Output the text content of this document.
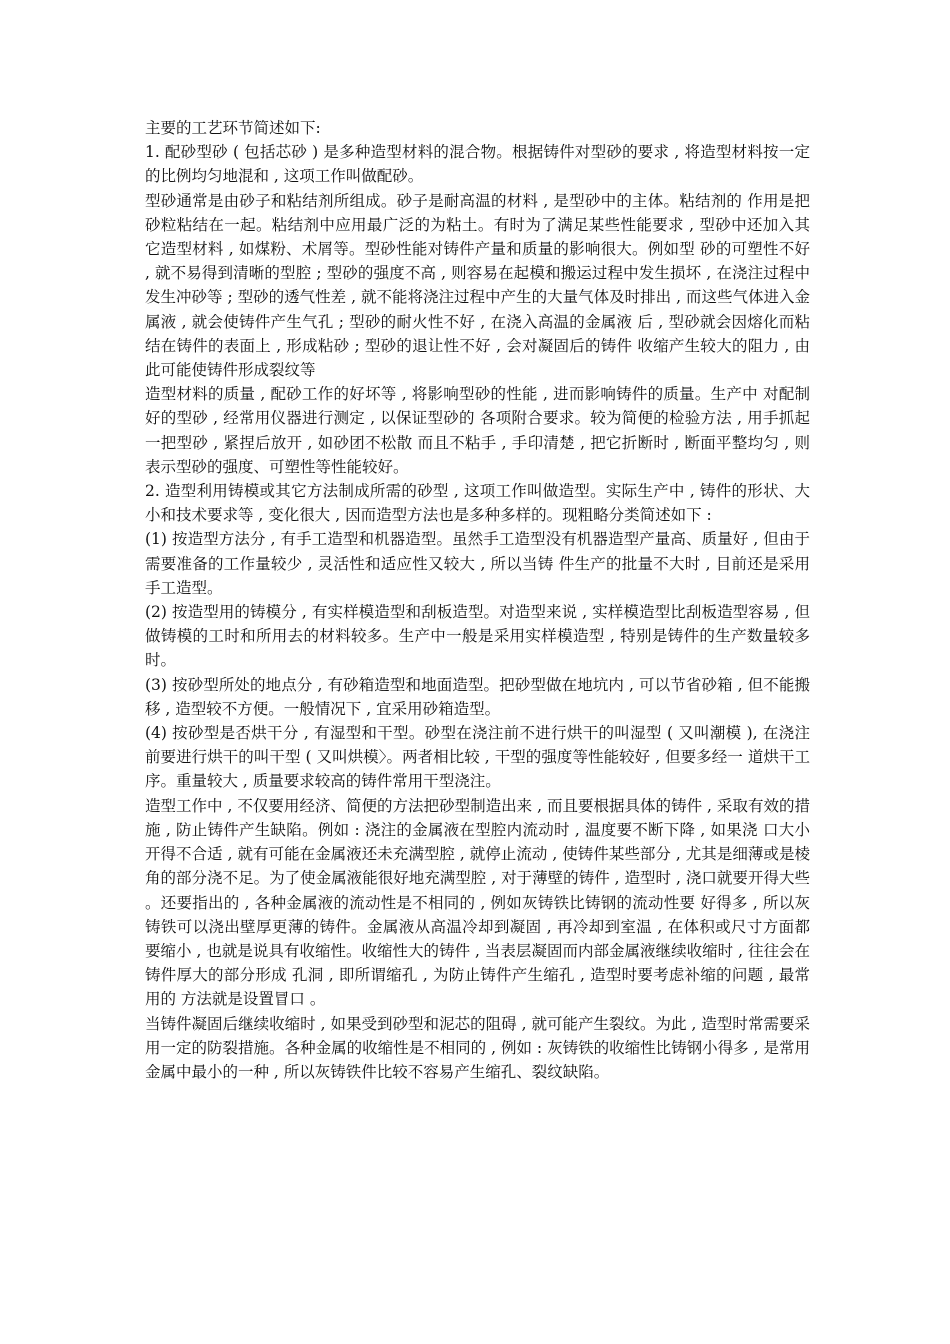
主要的工艺环节简述如下:

1. 配砂型砂 ( 包括芯砂 ) 是多种造型材料的混合物。根据铸件对型砂的要求 , 将造型材料按一定的比例均匀地混和 , 这项工作叫做配砂。

型砂通常是由砂子和粘结剂所组成。砂子是耐高温的材料 , 是型砂中的主体。粘结剂的 作用是把砂粒粘结在一起。粘结剂中应用最广泛的为粘土。有时为了满足某些性能要求 , 型砂中还加入其它造型材料 , 如煤粉、术屑等。型砂性能对铸件产量和质量的影响很大。例如型 砂的可塑性不好 , 就不易得到清晰的型腔 ; 型砂的强度不高 , 则容易在起模和搬运过程中发生损坏 , 在浇注过程中发生冲砂等 ; 型砂的透气性差 , 就不能将浇注过程中产生的大量气体及时排出 , 而这些气体进入金属液 , 就会使铸件产生气孔 ; 型砂的耐火性不好 , 在浇入高温的金属液 后 , 型砂就会因熔化而粘结在铸件的表面上 , 形成粘砂 ; 型砂的退让性不好 , 会对凝固后的铸件 收缩产生较大的阻力 , 由此可能使铸件形成裂纹等

造型材料的质量 , 配砂工作的好坏等 , 将影响型砂的性能 , 进而影响铸件的质量。生产中 对配制好的型砂 , 经常用仪器进行测定 , 以保证型砂的 各项附合要求。较为简便的检验方法 , 用手抓起一把型砂 , 紧捏后放开 , 如砂团不松散 而且不粘手 , 手印清楚 , 把它折断时 , 断面平整均匀 , 则 表示型砂的强度、可塑性等性能较好。

2. 造型利用铸模或其它方法制成所需的砂型 , 这项工作叫做造型。实际生产中 , 铸件的形状、大小和技术要求等 , 变化很大 , 因而造型方法也是多种多样的。现粗略分类简述如下 :

(1) 按造型方法分 , 有手工造型和机器造型。虽然手工造型没有机器造型产量高、质量好 , 但由于需要准备的工作量较少 , 灵活性和适应性又较大 , 所以当铸 件生产的批量不大时 , 目前还是采用手工造型。

(2) 按造型用的铸模分 , 有实样模造型和刮板造型。对造型来说 , 实样模造型比刮板造型容易 , 但做铸模的工时和所用去的材料较多。生产中一般是采用实样模造型 , 特别是铸件的生产数量较多时。

(3) 按砂型所处的地点分 , 有砂箱造型和地面造型。把砂型做在地坑内 , 可以节省砂箱 , 但不能搬移 , 造型较不方便。一般情况下 , 宜采用砂箱造型。

(4) 按砂型是否烘干分 , 有湿型和干型。砂型在浇注前不进行烘干的叫湿型 ( 又叫潮模 ), 在浇注前要进行烘干的叫干型 ( 又叫烘模〉。两者相比较 , 干型的强度等性能较好 , 但要多经一 道烘干工序。重量较大 , 质量要求较高的铸件常用干型浇注。

造型工作中 , 不仅要用经济、简便的方法把砂型制造出来 , 而且要根据具体的铸件 , 采取有效的措施 , 防止铸件产生缺陷。例如 : 浇注的金属液在型腔内流动时 , 温度要不断下降 , 如果浇 口大小开得不合适 , 就有可能在金属液还未充满型腔 , 就停止流动 , 使铸件某些部分 , 尤其是细薄或是棱角的部分浇不足。为了使金属液能很好地充满型腔 , 对于薄壁的铸件 , 造型时 , 浇口就要开得大些。还要指出的 , 各种金属液的流动性是不相同的 , 例如灰铸铁比铸钢的流动性要 好得多 , 所以灰铸铁可以浇出壁厚更薄的铸件。金属液从高温冷却到凝固 , 再冷却到室温 , 在体积或尺寸方面都要缩小 , 也就是说具有收缩性。收缩性大的铸件 , 当表层凝固而内部金属液继续收缩时 , 往往会在铸件厚大的部分形成 孔洞 , 即所谓缩孔 , 为防止铸件产生缩孔 , 造型时要考虑补缩的问题 , 最常用的 方法就是设置冒口 。

当铸件凝固后继续收缩时 , 如果受到砂型和泥芯的阻碍 , 就可能产生裂纹。为此 , 造型时常需要采用一定的防裂措施。各种金属的收缩性是不相同的 , 例如 : 灰铸铁的收缩性比铸钢小得多 , 是常用金属中最小的一种 , 所以灰铸铁件比较不容易产生缩孔、裂纹缺陷。
